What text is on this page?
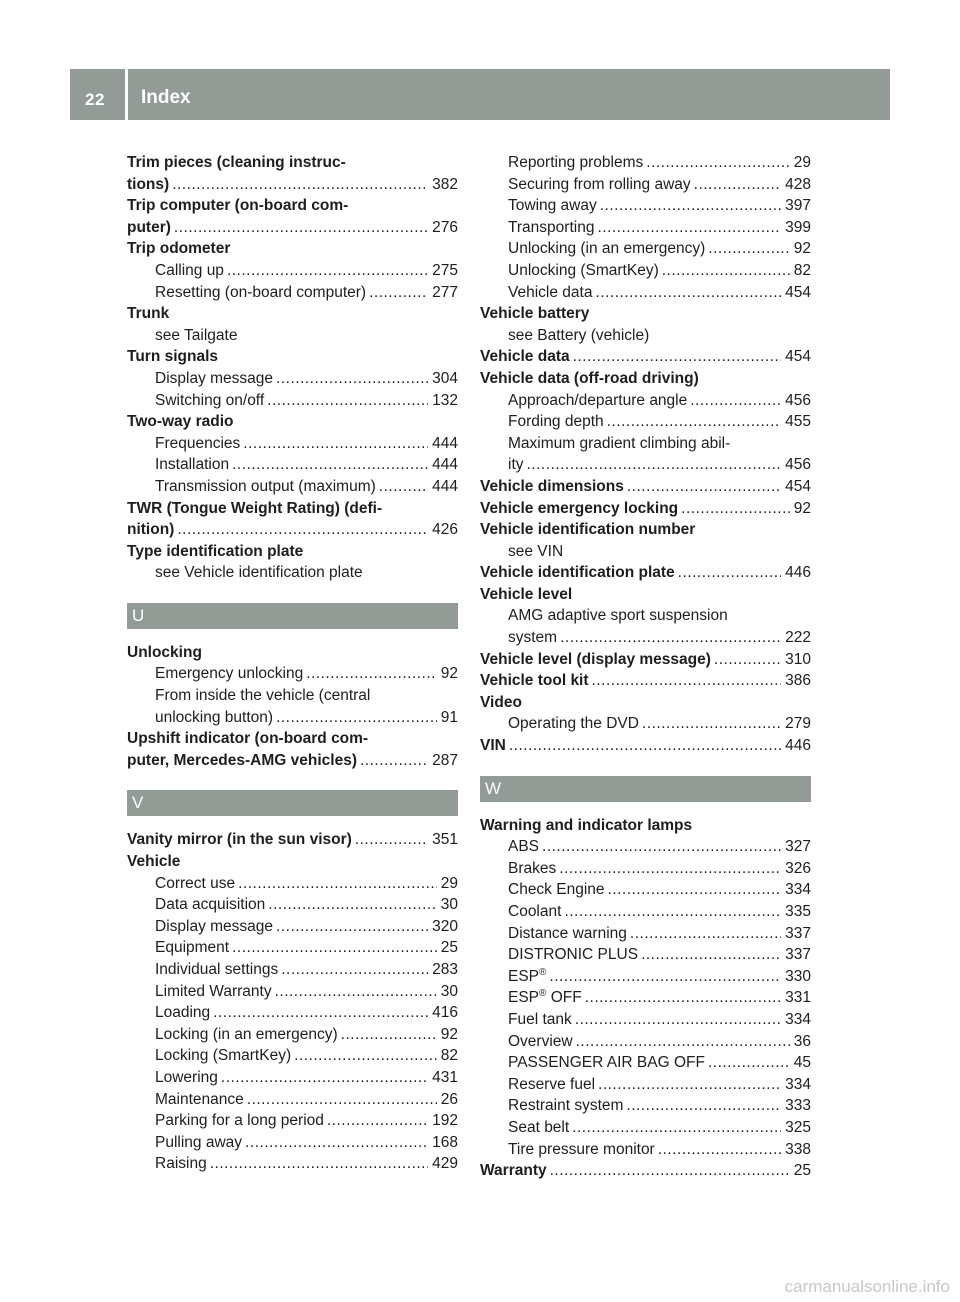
22 Index
Trim pieces (cleaning instruc-
tions) .....	382
Trip computer (on-board com-
puter) .....	276
Trip odometer
Calling up .....	275
Resetting (on-board computer) .....	277
Trunk
see Tailgate
Turn signals
Display message .....	304
Switching on/off .....	132
Two-way radio
Frequencies .....	444
Installation .....	444
Transmission output (maximum) .....	444
TWR (Tongue Weight Rating) (defi-
nition) .....	426
Type identification plate
see Vehicle identification plate
U
Unlocking
Emergency unlocking .....	92
From inside the vehicle (central
unlocking button) .....	91
Upshift indicator (on-board com-
puter, Mercedes-AMG vehicles) .....	287
V
Vanity mirror (in the sun visor) .....	351
Vehicle
Correct use .....	29
Data acquisition .....	30
Display message .....	320
Equipment .....	25
Individual settings .....	283
Limited Warranty .....	30
Loading .....	416
Locking (in an emergency) .....	92
Locking (SmartKey) .....	82
Lowering .....	431
Maintenance .....	26
Parking for a long period .....	192
Pulling away .....	168
Raising .....	429
Reporting problems .....	29
Securing from rolling away .....	428
Towing away .....	397
Transporting .....	399
Unlocking (in an emergency) .....	92
Unlocking (SmartKey) .....	82
Vehicle data .....	454
Vehicle battery
see Battery (vehicle)
Vehicle data .....	454
Vehicle data (off-road driving)
Approach/departure angle .....	456
Fording depth .....	455
Maximum gradient climbing abil-
ity .....	456
Vehicle dimensions .....	454
Vehicle emergency locking .....	92
Vehicle identification number
see VIN
Vehicle identification plate .....	446
Vehicle level
AMG adaptive sport suspension
system .....	222
Vehicle level (display message) .....	310
Vehicle tool kit .....	386
Video
Operating the DVD .....	279
VIN .....	446
W
Warning and indicator lamps
ABS .....	327
Brakes .....	326
Check Engine .....	334
Coolant .....	335
Distance warning .....	337
DISTRONIC PLUS .....	337
ESP® .....	330
ESP® OFF .....	331
Fuel tank .....	334
Overview .....	36
PASSENGER AIR BAG OFF .....	45
Reserve fuel .....	334
Restraint system .....	333
Seat belt .....	325
Tire pressure monitor .....	338
Warranty .....	25
carmanualsonline.info
